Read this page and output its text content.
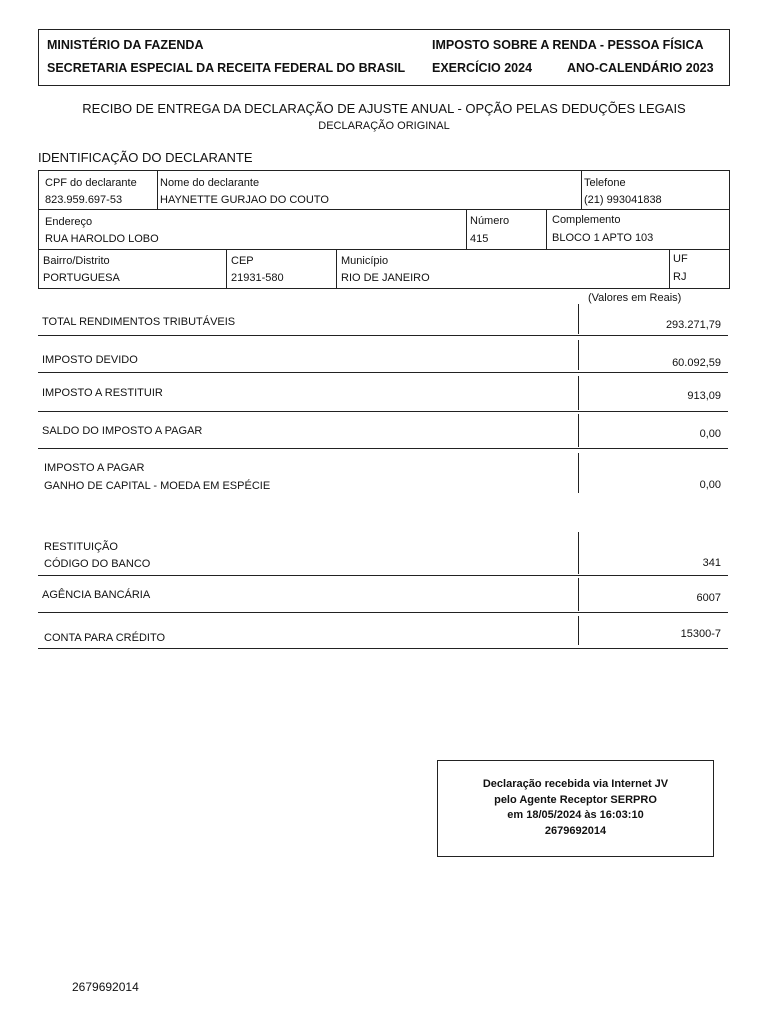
MINISTÉRIO DA FAZENDA	IMPOSTO SOBRE A RENDA - PESSOA FÍSICA
SECRETARIA ESPECIAL DA RECEITA FEDERAL DO BRASIL EXERCÍCIO 2024	ANO-CALENDÁRIO 2023
RECIBO DE ENTREGA DA DECLARAÇÃO DE AJUSTE ANUAL - OPÇÃO PELAS DEDUÇÕES LEGAIS
DECLARAÇÃO ORIGINAL
IDENTIFICAÇÃO DO DECLARANTE
CPF do declarante
823.959.697-53
Nome do declarante
HAYNETTE GURJAO DO COUTO
Telefone
(21) 993041838
Endereço
RUA HAROLDO LOBO
Número
415
Complemento
BLOCO 1 APTO 103
Bairro/Distrito
PORTUGUESA
CEP
21931-580
Município
RIO DE JANEIRO
UF
RJ
(Valores em Reais)
TOTAL RENDIMENTOS TRIBUTÁVEIS	293.271,79
IMPOSTO DEVIDO	60.092,59
IMPOSTO A RESTITUIR	913,09
SALDO DO IMPOSTO A PAGAR	0,00
IMPOSTO A PAGAR
GANHO DE CAPITAL - MOEDA EM ESPÉCIE	0,00
RESTITUIÇÃO
CÓDIGO DO BANCO	341
AGÊNCIA BANCÁRIA	6007
CONTA PARA CRÉDITO	15300-7
Declaração recebida via Internet JV
pelo Agente Receptor SERPRO
em 18/05/2024 às 16:03:10
2679692014
2679692014
